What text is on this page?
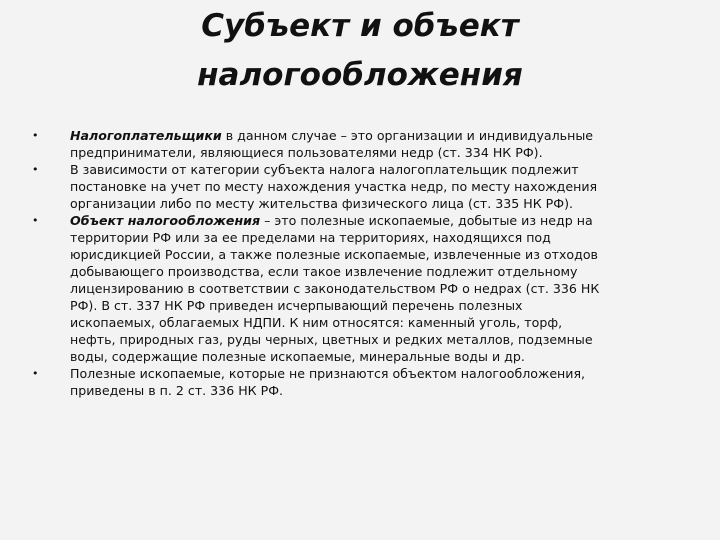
Субъект и объект
налогообложения
•	Налогоплательщики в данном случае – это организации и индивидуальные
предприниматели, являющиеся пользователями недр (ст. 334 НК РФ).
•	В зависимости от категории субъекта налога налогоплательщик подлежит
постановке на учет по месту нахождения участка недр, по месту нахождения
организации либо по месту жительства физического лица (ст. 335 НК РФ).
•	Объект налогообложения – это полезные ископаемые, добытые из недр на
территории РФ или за ее пределами на территориях, находящихся под
юрисдикцией России, а также полезные ископаемые, извлеченные из отходов
добывающего производства, если такое извлечение подлежит отдельному
лицензированию в соответствии с законодательством РФ о недрах (ст. 336 НК
РФ). В ст. 337 НК РФ приведен исчерпывающий перечень полезных
ископаемых, облагаемых НДПИ. К ним относятся: каменный уголь, торф,
нефть, природных газ, руды черных, цветных и редких металлов, подземные
воды, содержащие полезные ископаемые, минеральные воды и др.
•	Полезные ископаемые, которые не признаются объектом налогообложения,
приведены в п. 2 ст. 336 НК РФ.
